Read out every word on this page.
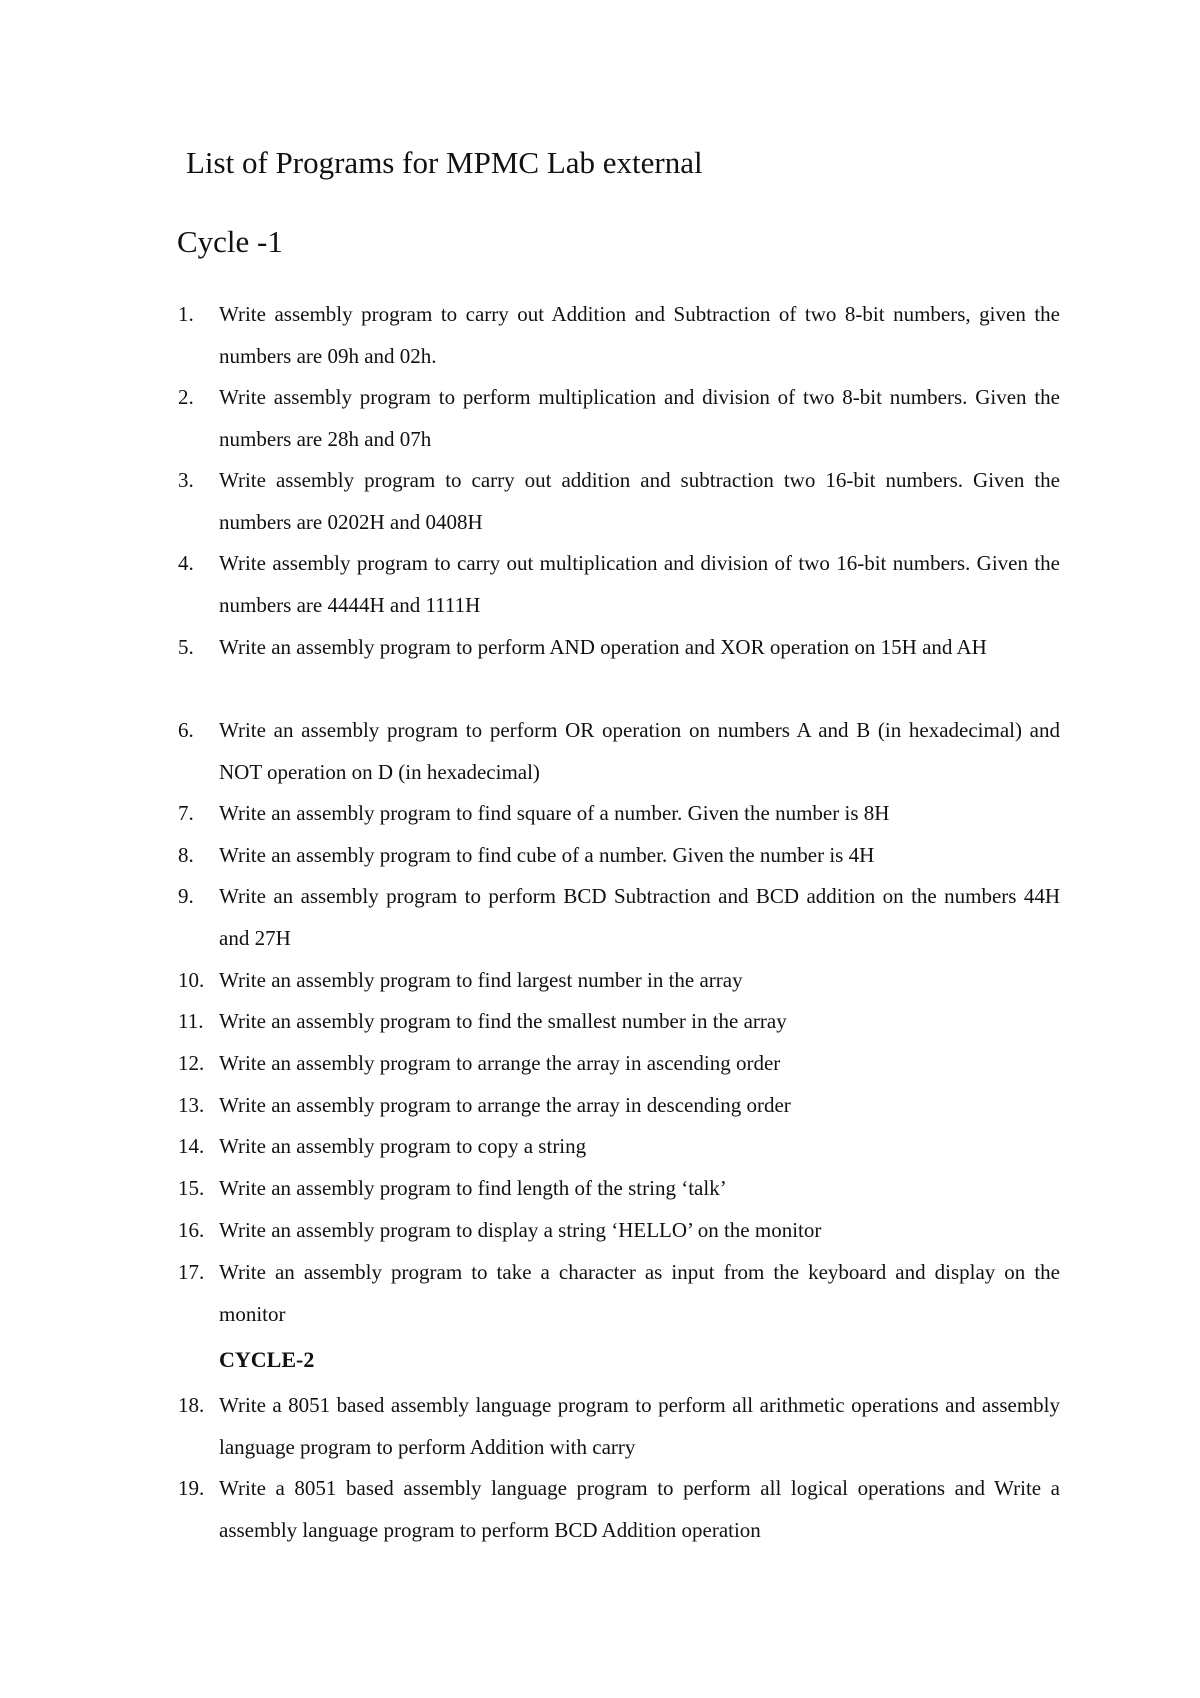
List of Programs for MPMC Lab external
Cycle -1
1.	Write assembly program to carry out Addition and Subtraction of two 8-bit numbers, given the numbers are 09h and 02h.
2.	Write assembly program to perform multiplication and division of two 8-bit numbers. Given the numbers are 28h and 07h
3.	Write assembly program to carry out addition and subtraction two 16-bit numbers. Given the numbers are 0202H and 0408H
4.	Write assembly program to carry out multiplication and division of two 16-bit numbers. Given the numbers are 4444H and 1111H
5.	Write an assembly program to perform AND operation and XOR operation on 15H and AH
6.	Write an assembly program to perform OR operation on numbers A and B (in hexadecimal) and NOT operation on D (in hexadecimal)
7.	Write an assembly program to find square of a number. Given the number is 8H
8.	Write an assembly program to find cube of a number. Given the number is 4H
9.	Write an assembly program to perform BCD Subtraction and BCD addition on the numbers 44H and 27H
10. Write an assembly program to find largest number in the array
11. Write an assembly program to find the smallest number in the array
12. Write an assembly program to arrange the array in ascending order
13. Write an assembly program to arrange the array in descending order
14. Write an assembly program to copy a string
15. Write an assembly program to find length of the string ‘talk’
16. Write an assembly program to display a string ‘HELLO’ on the monitor
17. Write an assembly program to take a character as input from the keyboard and display on the monitor
CYCLE-2
18. Write a 8051 based assembly language program to perform all arithmetic operations and assembly language program to perform Addition with carry
19. Write a 8051 based assembly language program to perform all logical operations and Write a assembly language program to perform BCD Addition operation
